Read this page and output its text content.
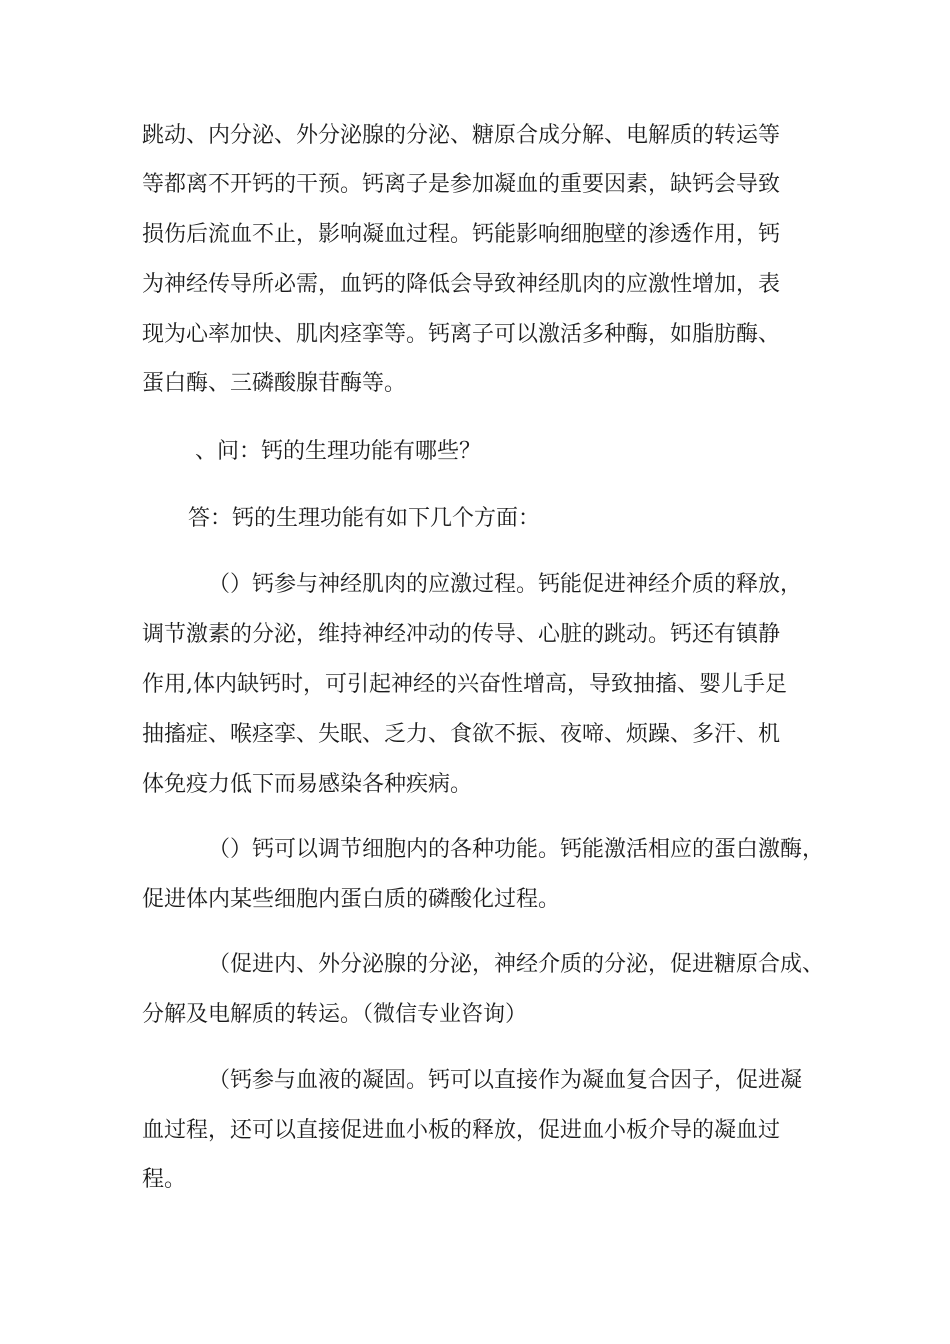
跳动、内分泌、外分泌腺的分泌、糖原合成分解、电解质的转运等

等都离不开钙的干预。钙离子是参加凝血的重要因素，缺钙会导致

损伤后流血不止，影响凝血过程。钙能影响细胞壁的渗透作用，钙

为神经传导所必需，血钙的降低会导致神经肌肉的应激性增加，表

现为心率加快、肌肉痉挛等。钙离子可以激活多种酶，如脂肪酶、

蛋白酶、三磷酸腺苷酶等。

、问：钙的生理功能有哪些？

答：钙的生理功能有如下几个方面：

（）钙参与神经肌肉的应激过程。钙能促进神经介质的释放，

调节激素的分泌，维持神经冲动的传导、心脏的跳动。钙还有镇静

作用,体内缺钙时，可引起神经的兴奋性增高，导致抽搐、婴儿手足

抽搐症、喉痉挛、失眠、乏力、食欲不振、夜啼、烦躁、多汗、机

体免疫力低下而易感染各种疾病。

（）钙可以调节细胞内的各种功能。钙能激活相应的蛋白激酶，

促进体内某些细胞内蛋白质的磷酸化过程。

（促进内、外分泌腺的分泌，神经介质的分泌，促进糖原合成、

分解及电解质的转运。（微信专业咨询）

（钙参与血液的凝固。钙可以直接作为凝血复合因子，促进凝

血过程，还可以直接促进血小板的释放，促进血小板介导的凝血过

程。
